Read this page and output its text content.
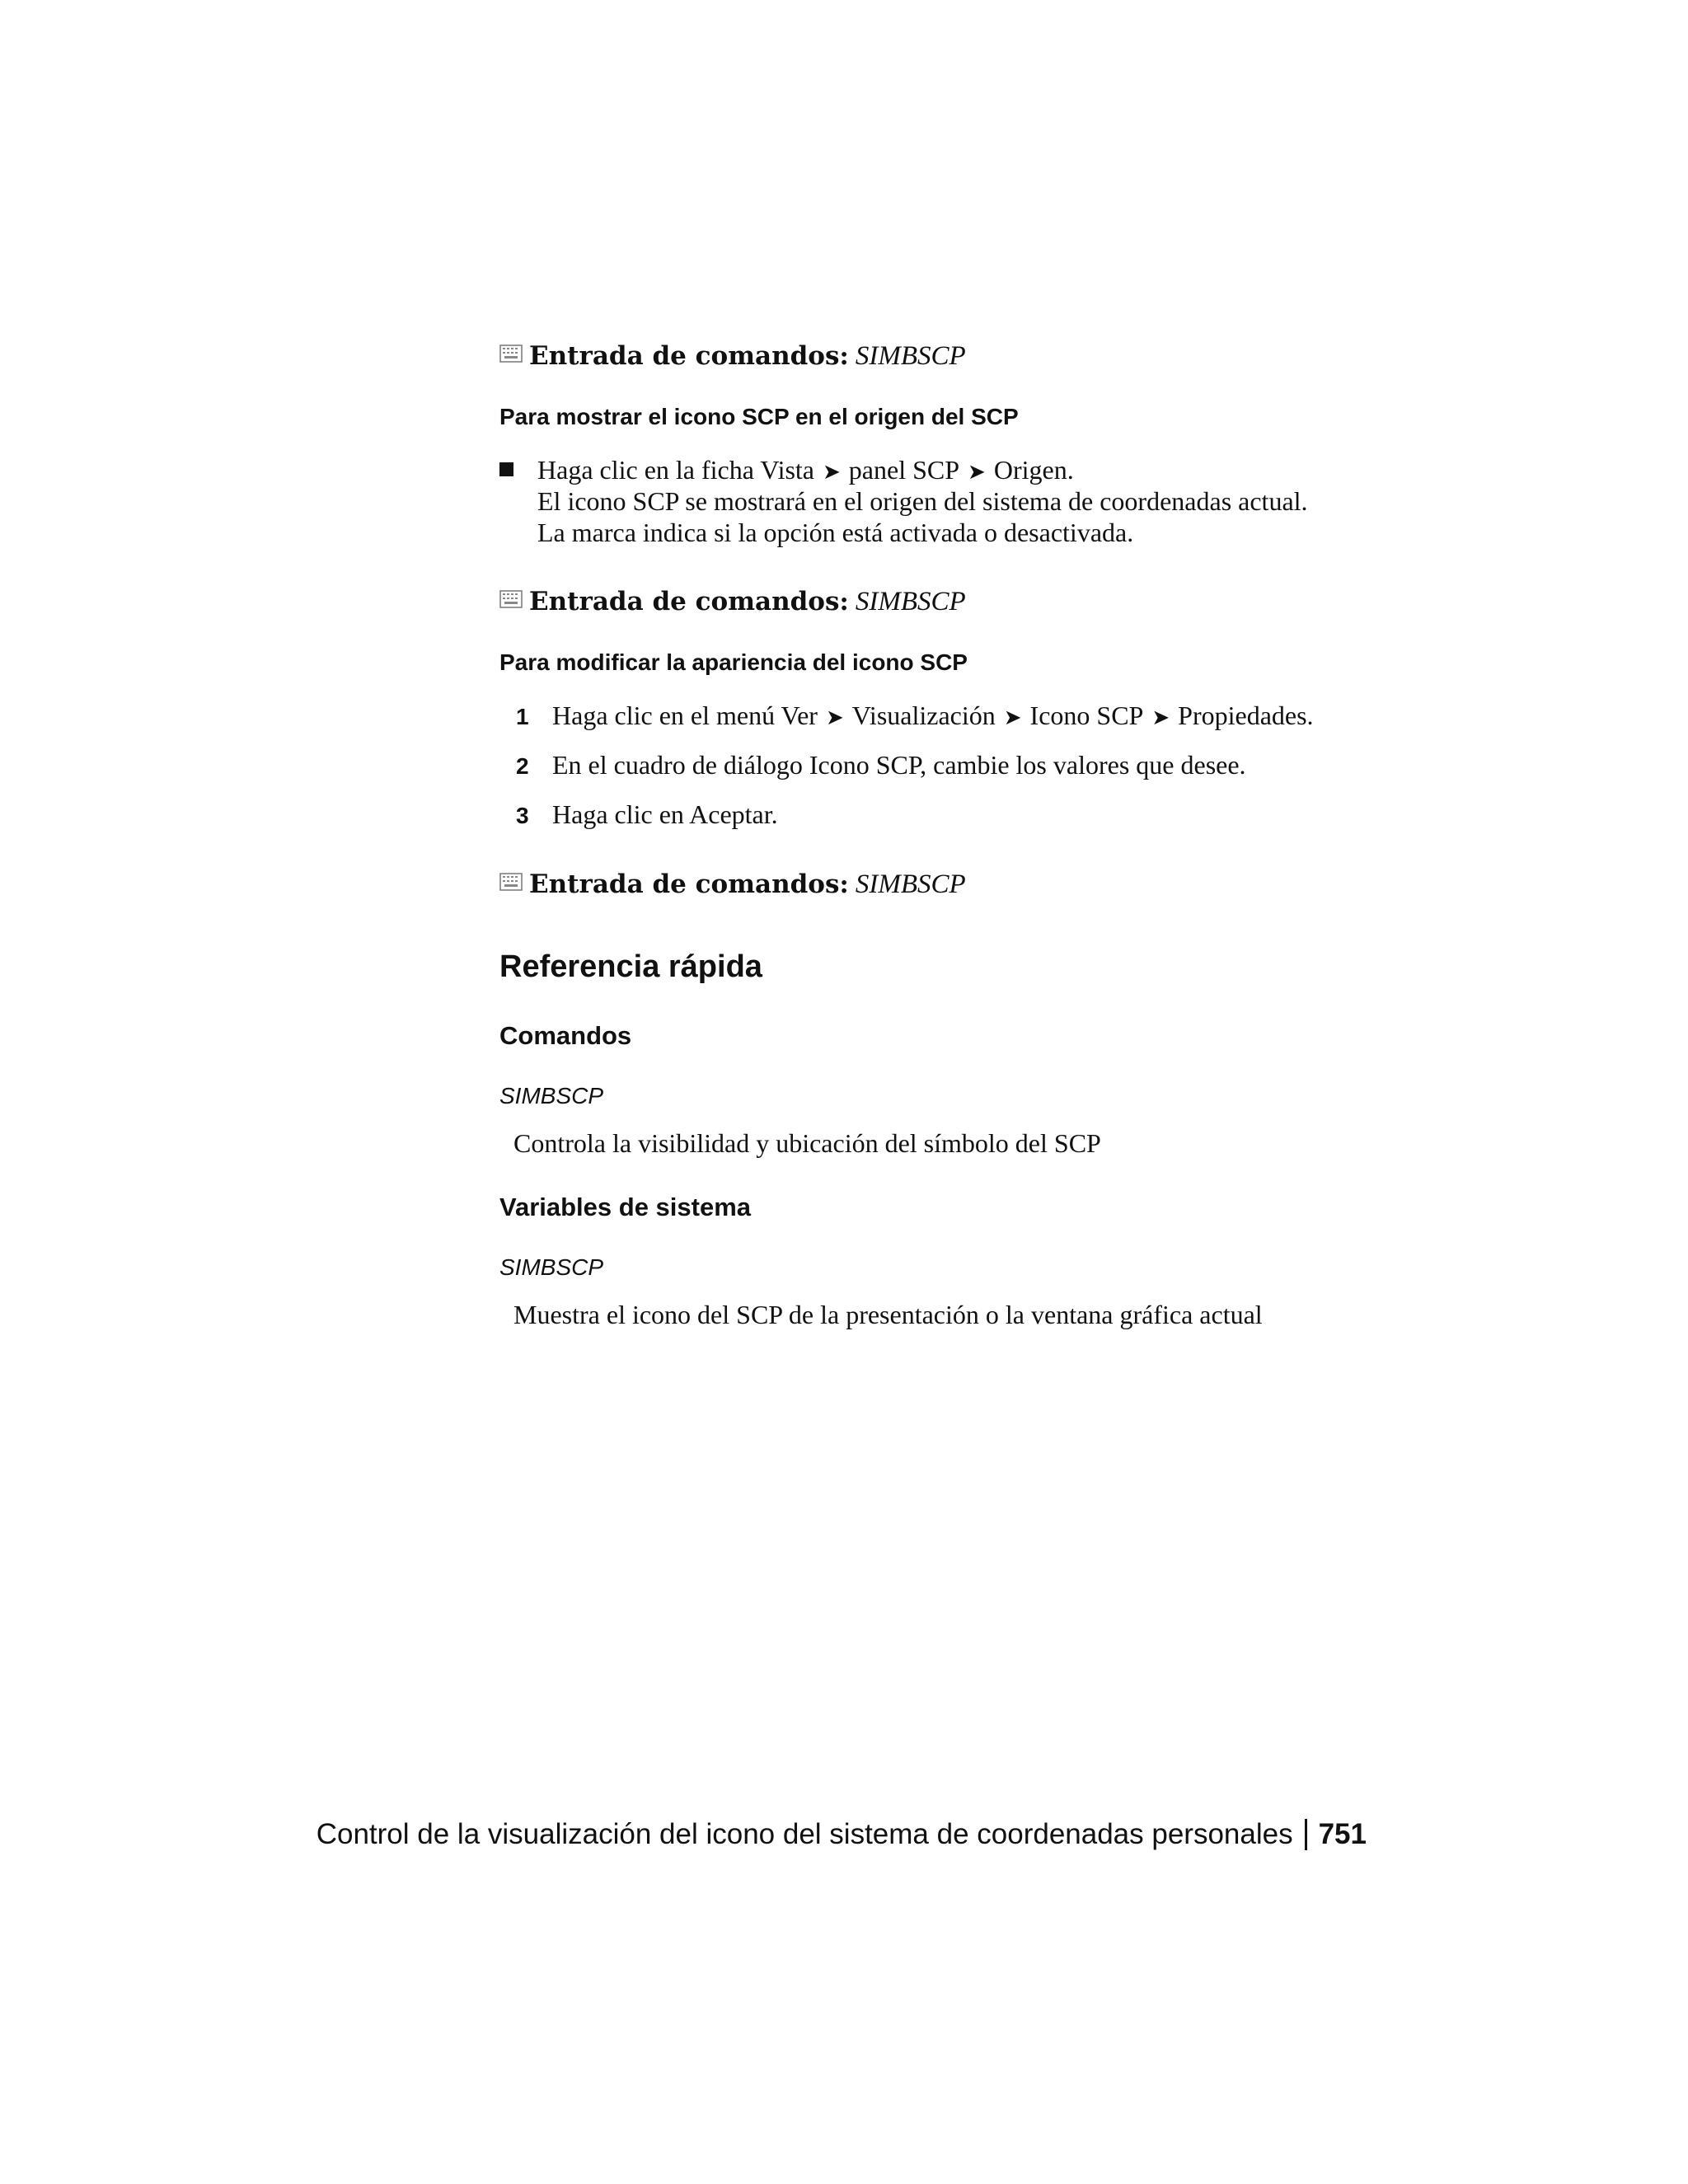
Entrada de comandos: SIMBSCP
Para mostrar el icono SCP en el origen del SCP
Haga clic en la ficha Vista ➤ panel SCP ➤ Origen.
El icono SCP se mostrará en el origen del sistema de coordenadas actual.
La marca indica si la opción está activada o desactivada.
Entrada de comandos: SIMBSCP
Para modificar la apariencia del icono SCP
1 Haga clic en el menú Ver ➤ Visualización ➤ Icono SCP ➤ Propiedades.
2 En el cuadro de diálogo Icono SCP, cambie los valores que desee.
3 Haga clic en Aceptar.
Entrada de comandos: SIMBSCP
Referencia rápida
Comandos
SIMBSCP
Controla la visibilidad y ubicación del símbolo del SCP
Variables de sistema
SIMBSCP
Muestra el icono del SCP de la presentación o la ventana gráfica actual
Control de la visualización del icono del sistema de coordenadas personales 751
